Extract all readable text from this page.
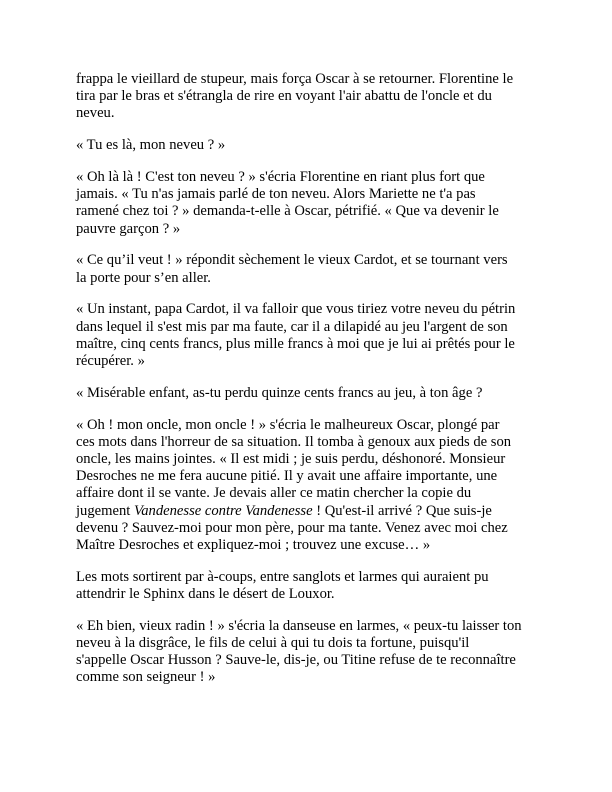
frappa le vieillard de stupeur, mais força Oscar à se retourner. Florentine le
tira par le bras et s'étrangla de rire en voyant l'air abattu de l'oncle et du
neveu.

« Tu es là, mon neveu ? »

« Oh là là ! C'est ton neveu ? » s'écria Florentine en riant plus fort que
jamais. « Tu n'as jamais parlé de ton neveu. Alors Mariette ne t'a pas
ramené chez toi ? » demanda-t-elle à Oscar, pétrifié. « Que va devenir le
pauvre garçon ? »

« Ce qu’il veut ! » répondit sèchement le vieux Cardot, et se tournant vers
la porte pour s’en aller.

« Un instant, papa Cardot, il va falloir que vous tiriez votre neveu du pétrin
dans lequel il s'est mis par ma faute, car il a dilapidé au jeu l'argent de son
maître, cinq cents francs, plus mille francs à moi que je lui ai prêtés pour le
récupérer. »

« Misérable enfant, as-tu perdu quinze cents francs au jeu, à ton âge ?

« Oh ! mon oncle, mon oncle ! » s'écria le malheureux Oscar, plongé par
ces mots dans l'horreur de sa situation. Il tomba à genoux aux pieds de son
oncle, les mains jointes. « Il est midi ; je suis perdu, déshonoré. Monsieur
Desroches ne me fera aucune pitié. Il y avait une affaire importante, une
affaire dont il se vante. Je devais aller ce matin chercher la copie du
jugement Vandenesse contre Vandenesse ! Qu'est-il arrivé ? Que suis-je
devenu ? Sauvez-moi pour mon père, pour ma tante. Venez avec moi chez
Maître Desroches et expliquez-moi ; trouvez une excuse… »

Les mots sortirent par à-coups, entre sanglots et larmes qui auraient pu
attendrir le Sphinx dans le désert de Louxor.

« Eh bien, vieux radin ! » s'écria la danseuse en larmes, « peux-tu laisser ton
neveu à la disgrâce, le fils de celui à qui tu dois ta fortune, puisqu'il
s'appelle Oscar Husson ? Sauve-le, dis-je, ou Titine refuse de te reconnaître
comme son seigneur ! »
